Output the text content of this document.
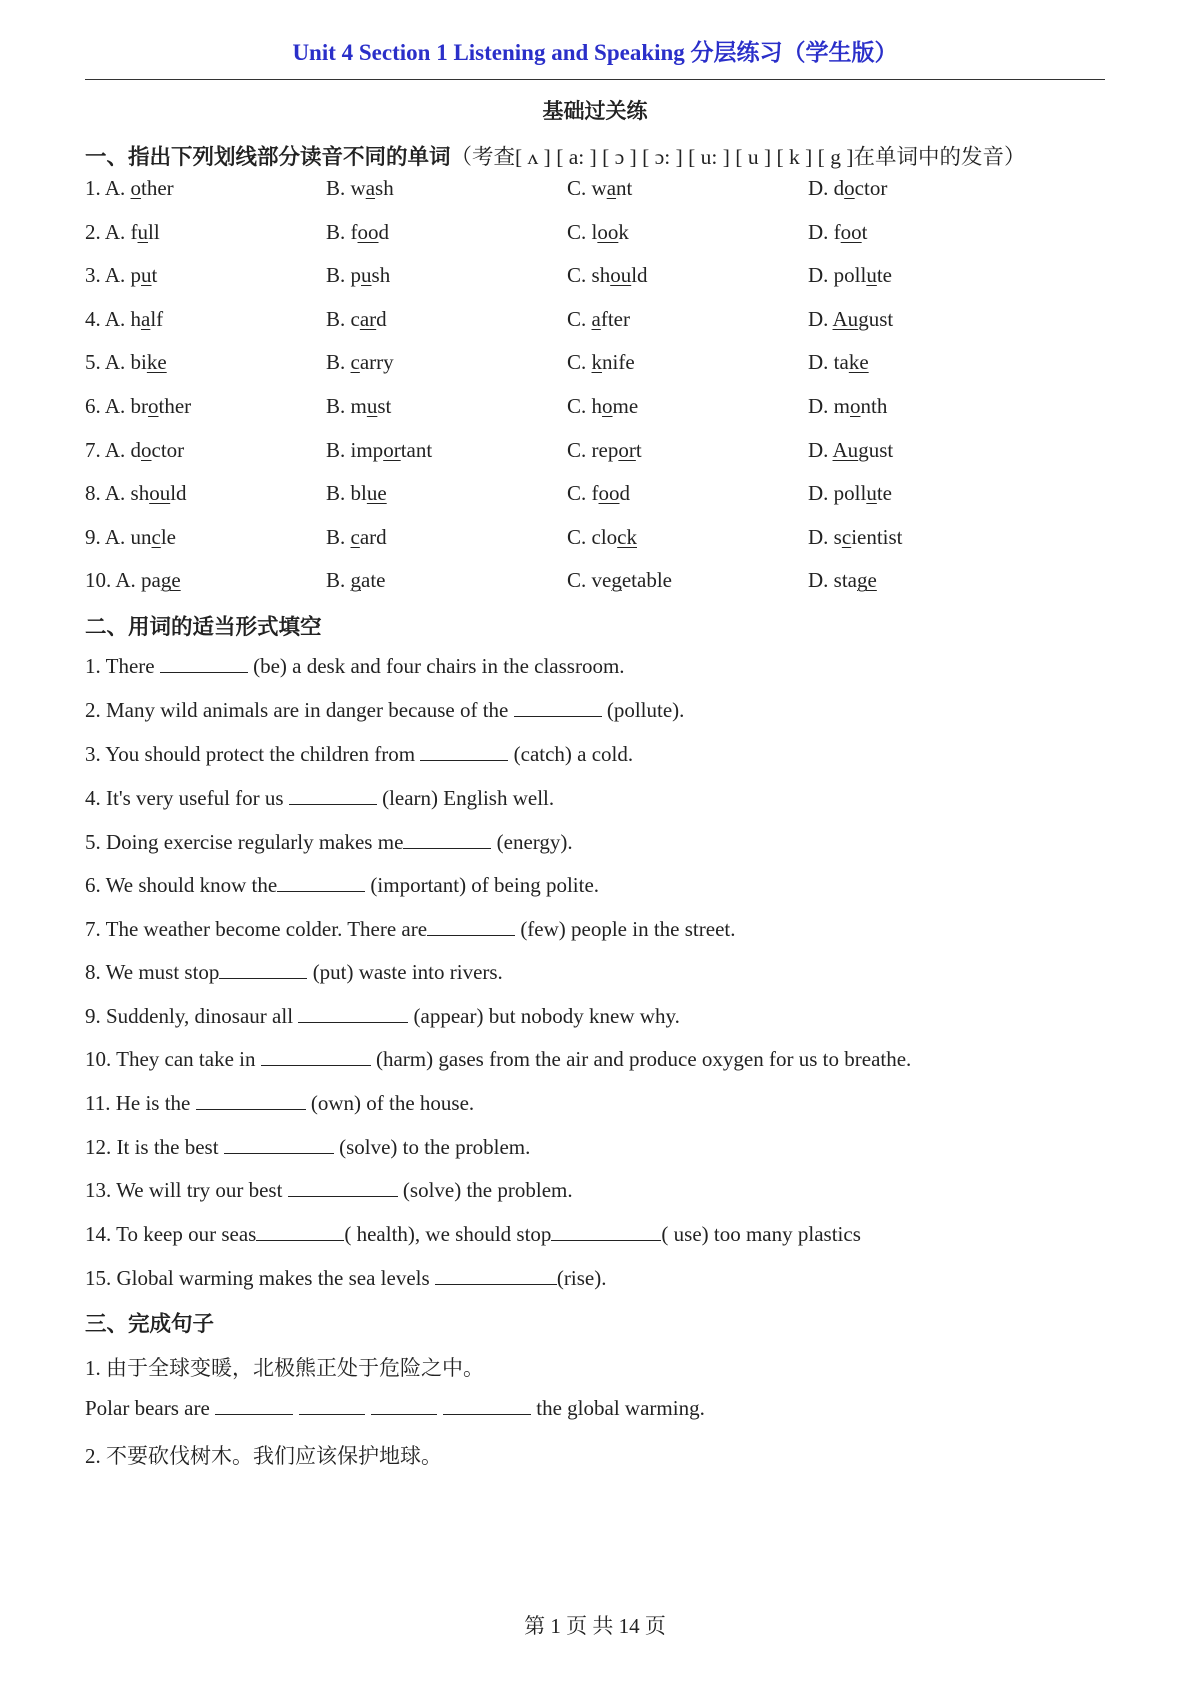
Unit 4 Section 1 Listening and Speaking 分层练习（学生版）
基础过关练
一、指出下列划线部分读音不同的单词（考查[ ʌ ] [ a: ] [ ɔ ] [ ɔ: ] [ u: ] [ u ] [ k ] [ g ]在单词中的发音）
1. A. other	B. wash	C. want	D. doctor
2. A. full	B. food	C. look	D. foot
3. A. put	B. push	C. should	D. pollute
4. A. half	B. card	C. after	D. August
5. A. bike	B. carry	C. knife	D. take
6. A. brother	B. must	C. home	D. month
7. A. doctor	B. important	C. report	D. August
8. A. should	B. blue	C. food	D. pollute
9. A. uncle	B. card	C. clock	D. scientist
10. A. page	B. gate	C. vegetable	D. stage
二、用词的适当形式填空
1. There	(be) a desk and four chairs in the classroom.
2. Many wild animals are in danger because of the	(pollute).
3. You should protect the children from	(catch) a cold.
4. It's very useful for us	(learn) English well.
5. Doing exercise regularly makes me	(energy).
6. We should know the	(important) of being polite.
7. The weather become colder. There are	(few) people in the street.
8. We must stop	(put) waste into rivers.
9. Suddenly, dinosaur all	(appear) but nobody knew why.
10. They can take in	(harm) gases from the air and produce oxygen for us to breathe.
11. He is the	(own) of the house.
12. It is the best	(solve) to the problem.
13. We will try our best	(solve) the problem.
15. Global warming makes the sea levels	(rise).
14. To keep our seas	( health), we should stop	( use) too many plastics
三、完成句子
1. 由于全球变暖，北极熊正处于危险之中。
Polar bears are	the global warming.
2. 不要砍伐树木。我们应该保护地球。
第 1 页 共 14 页
